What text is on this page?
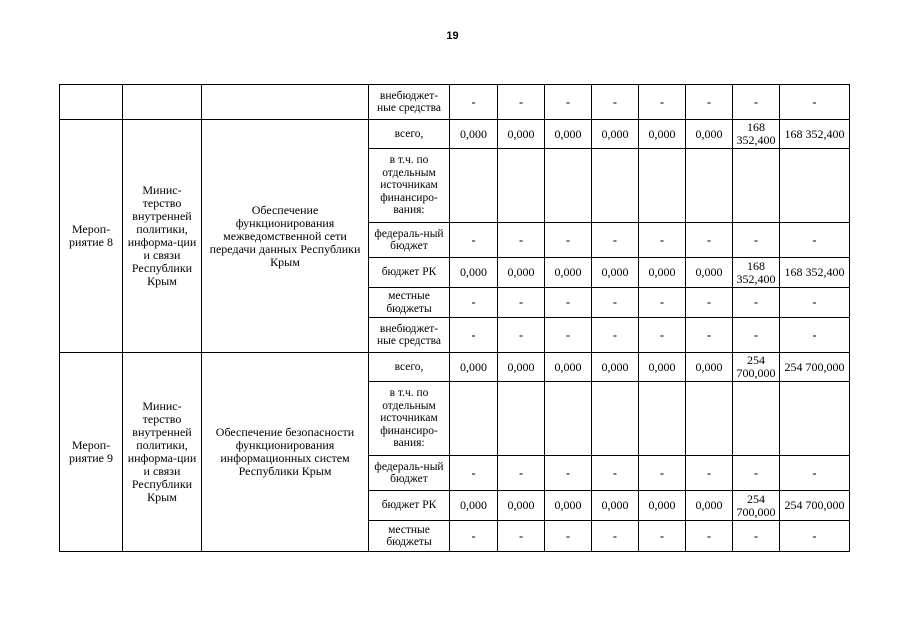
19
			внебюджет-ные средства	-	-	-	-	-	-	-	-
Мероп-риятие 8	Минис-терство внутренней политики, информа-ции и связи Республики Крым	Обеспечение функционирования межведомственной сети передачи данных Республики Крым	всего,	0,000	0,000	0,000	0,000	0,000	0,000	168 352,400	168 352,400
			в т.ч. по отдельным источникам финансиро-вания:								
			федераль-ный бюджет	-	-	-	-	-	-	-	-
			бюджет РК	0,000	0,000	0,000	0,000	0,000	0,000	168 352,400	168 352,400
			местные бюджеты	-	-	-	-	-	-	-	-
			внебюджет-ные средства	-	-	-	-	-	-	-	-
Мероп-риятие 9	Минис-терство внутренней политики, информа-ции и связи Республики Крым	Обеспечение безопасности функционирования информационных систем Республики Крым	всего,	0,000	0,000	0,000	0,000	0,000	0,000	254 700,000	254 700,000
			в т.ч. по отдельным источникам финансиро-вания:								
			федераль-ный бюджет	-	-	-	-	-	-	-	-
			бюджет РК	0,000	0,000	0,000	0,000	0,000	0,000	254 700,000	254 700,000
			местные бюджеты	-	-	-	-	-	-	-	-
